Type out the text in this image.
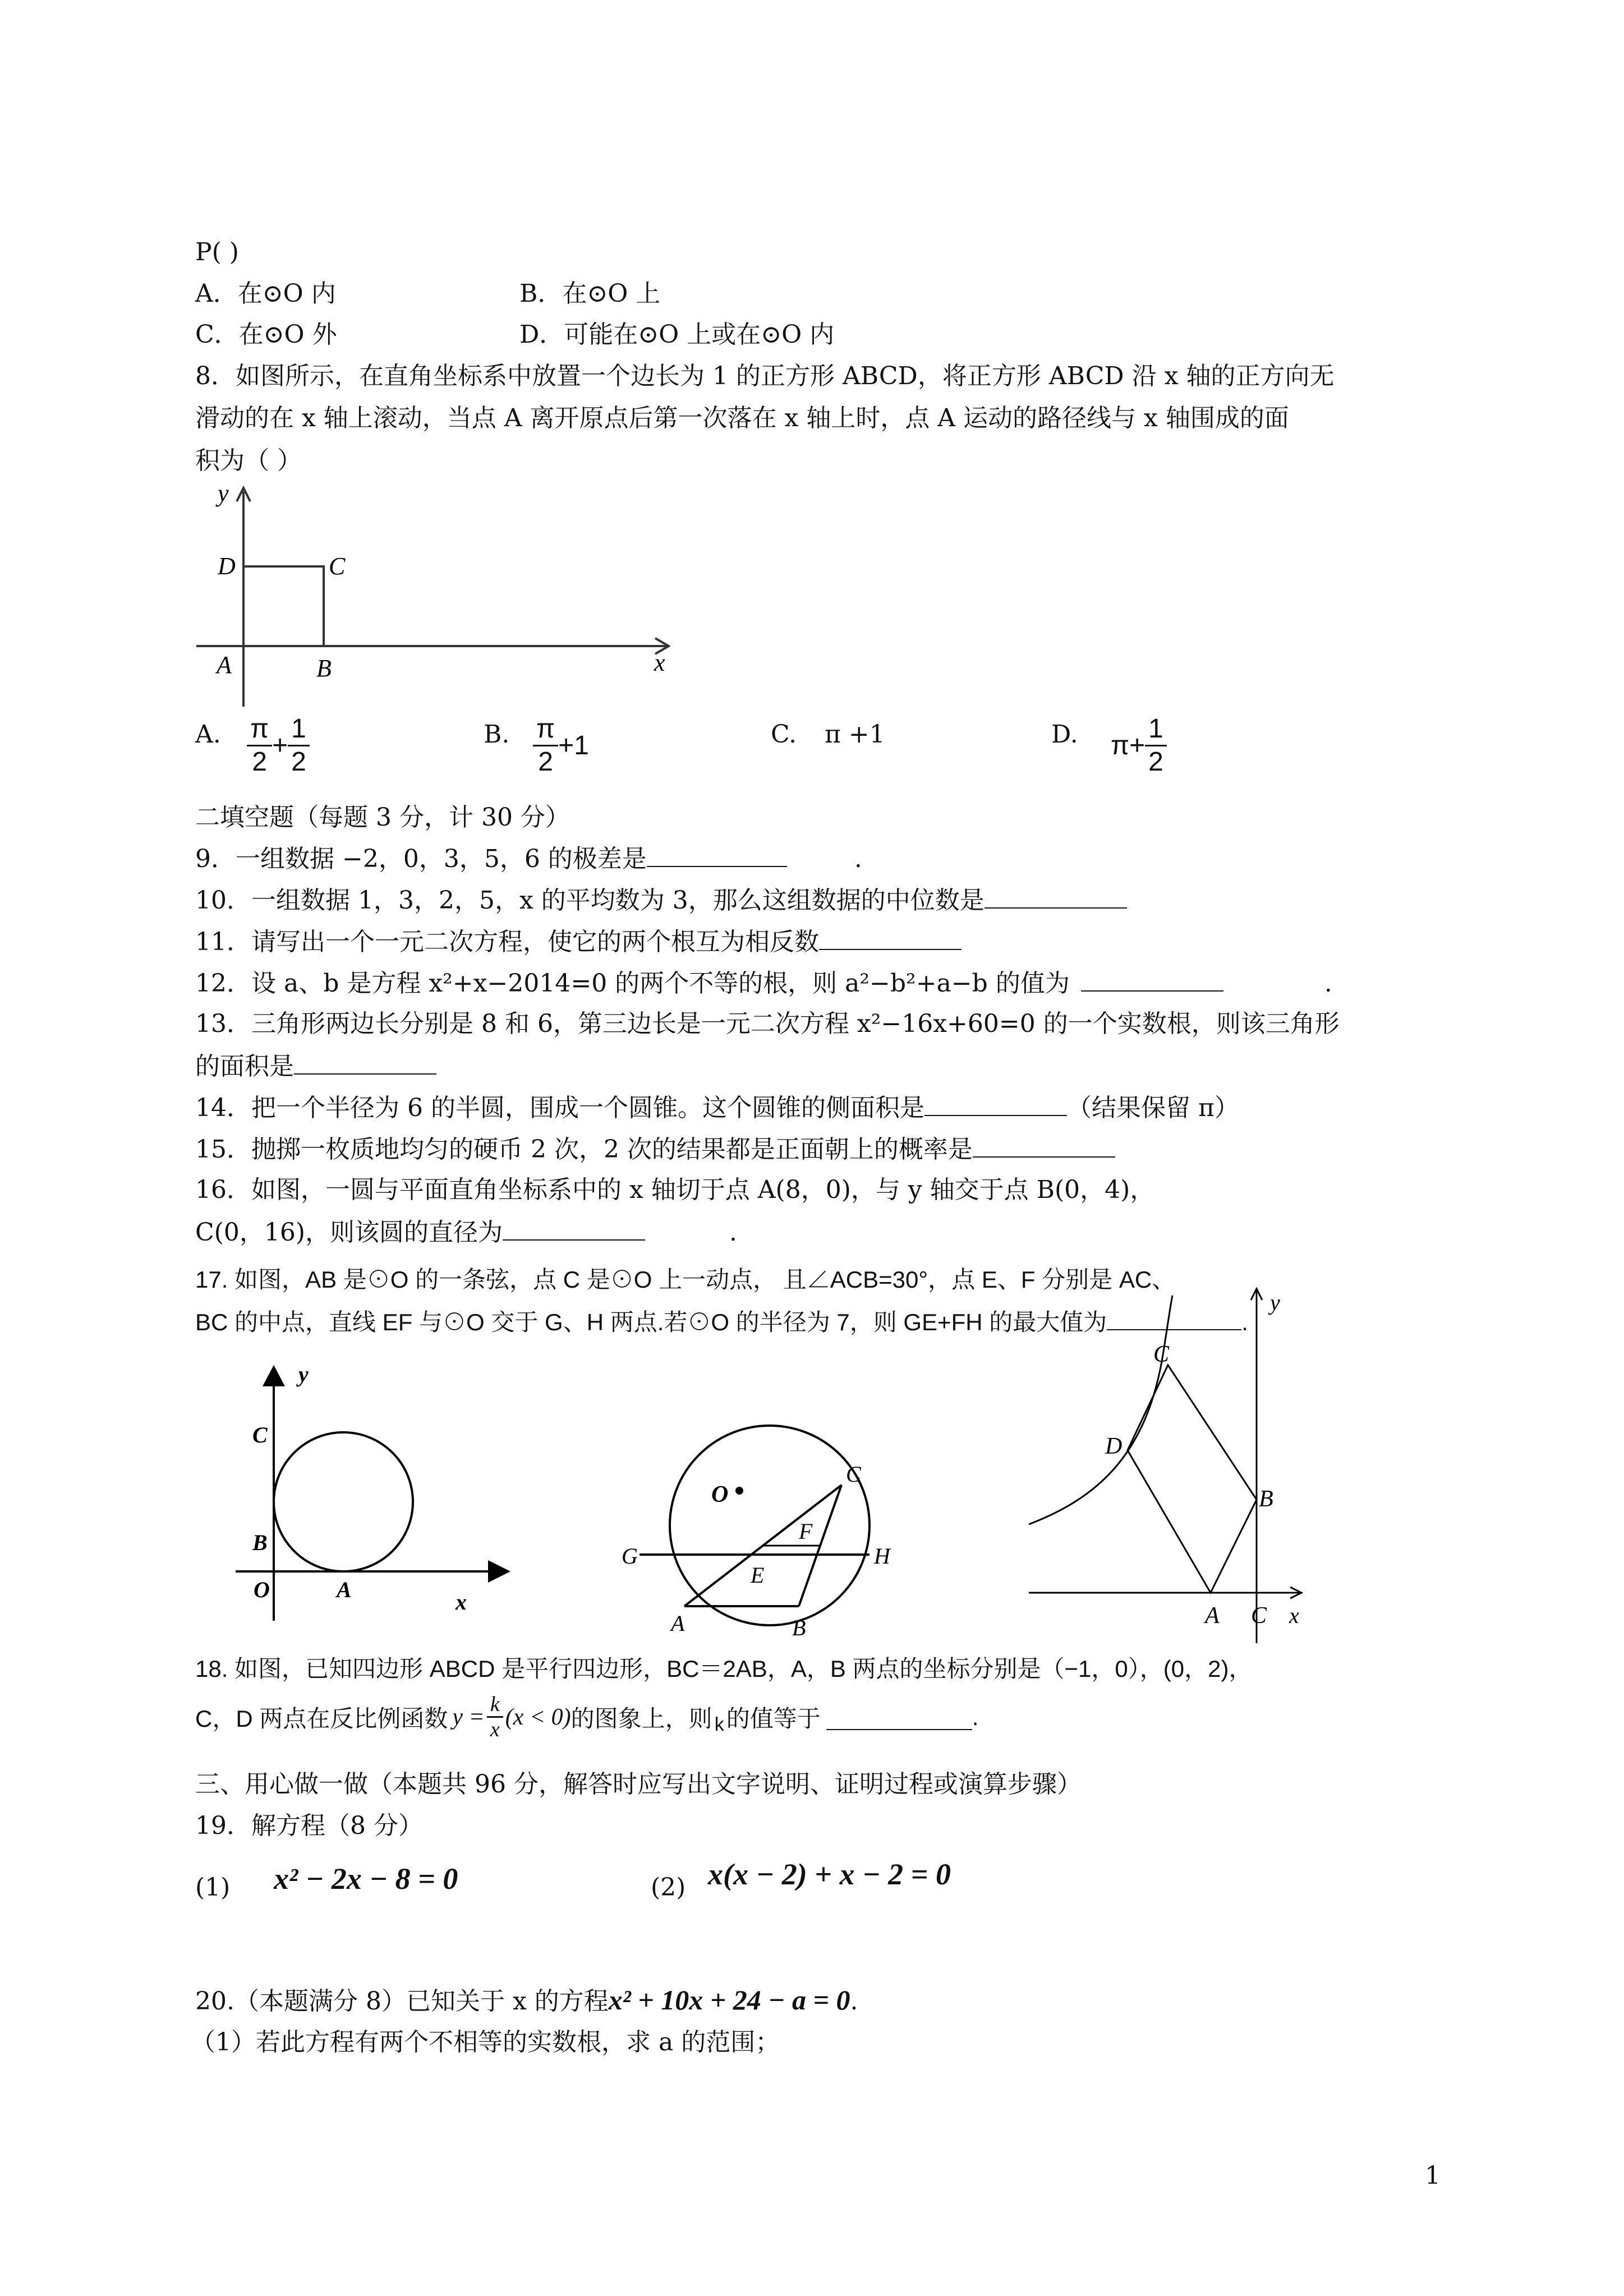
P( )
A．在⊙O 内	B．在⊙O 上
C．在⊙O 外	D．可能在⊙O 上或在⊙O 内
8．如图所示，在直角坐标系中放置一个边长为 1 的正方形 ABCD，将正方形 ABCD 沿 x 轴的正方向无
滑动的在 x 轴上滚动，当点 A 离开原点后第一次落在 x 轴上时，点 A 运动的路径线与 x 轴围成的面
积为（ ）
y
D	C
A	B	x
A. $\frac{\pi}{2} + \frac{1}{2}$	B. $\frac{\pi}{2} +1$	C. π +1	D. $\pi+ \frac{1}{2}$
二填空题（每题 3 分，计 30 分）
9．一组数据 −2，0，3，5，6 的极差是	.
10．一组数据 1，3，2，5，x 的平均数为 3，那么这组数据的中位数是
11．请写出一个一元二次方程，使它的两个根互为相反数
12．设 a、b 是方程 x²+x−2014=0 的两个不等的根，则 a²−b²+a−b 的值为	.
13．三角形两边长分别是 8 和 6，第三边长是一元二次方程 x²−16x+60=0 的一个实数根，则该三角形
的面积是
14．把一个半径为 6 的半圆，围成一个圆锥。这个圆锥的侧面积是	（结果保留 π）
15．抛掷一枚质地均匀的硬币 2 次，2 次的结果都是正面朝上的概率是
16．如图，一圆与平面直角坐标系中的 x 轴切于点 A(8，0)，与 y 轴交于点 B(0，4)，
C(0，16)，则该圆的直径为	.
17. 如图，AB 是⊙O 的一条弦，点 C 是⊙O 上一动点， 且∠ACB=30°，点 E、F 分别是 AC、
BC 的中点，直线 EF 与⊙O 交于 G、H 两点.若⊙O 的半径为 7，则 GE+FH 的最大值为	.
y
C
B
O	A	x
O
C
G	H
F
E
A	B
y
C
D
B
A C x
18. 如图，已知四边形 ABCD 是平行四边形，BC＝2AB，A，B 两点的坐标分别是（−1，0），(0，2)，
C，D 两点在反比例函数 $y = \frac{k}{x} (x < 0)$ 的图象上，则 k 的值等于	.
三、用心做一做（本题共 96 分，解答时应写出文字说明、证明过程或演算步骤）
19．解方程（8 分）
(1) x² − 2x − 8 = 0	(2) x(x − 2) + x − 2 = 0
20.（本题满分 8）已知关于 x 的方程x² + 10x + 24 − a = 0.
（1）若此方程有两个不相等的实数根，求 a 的范围；
1
